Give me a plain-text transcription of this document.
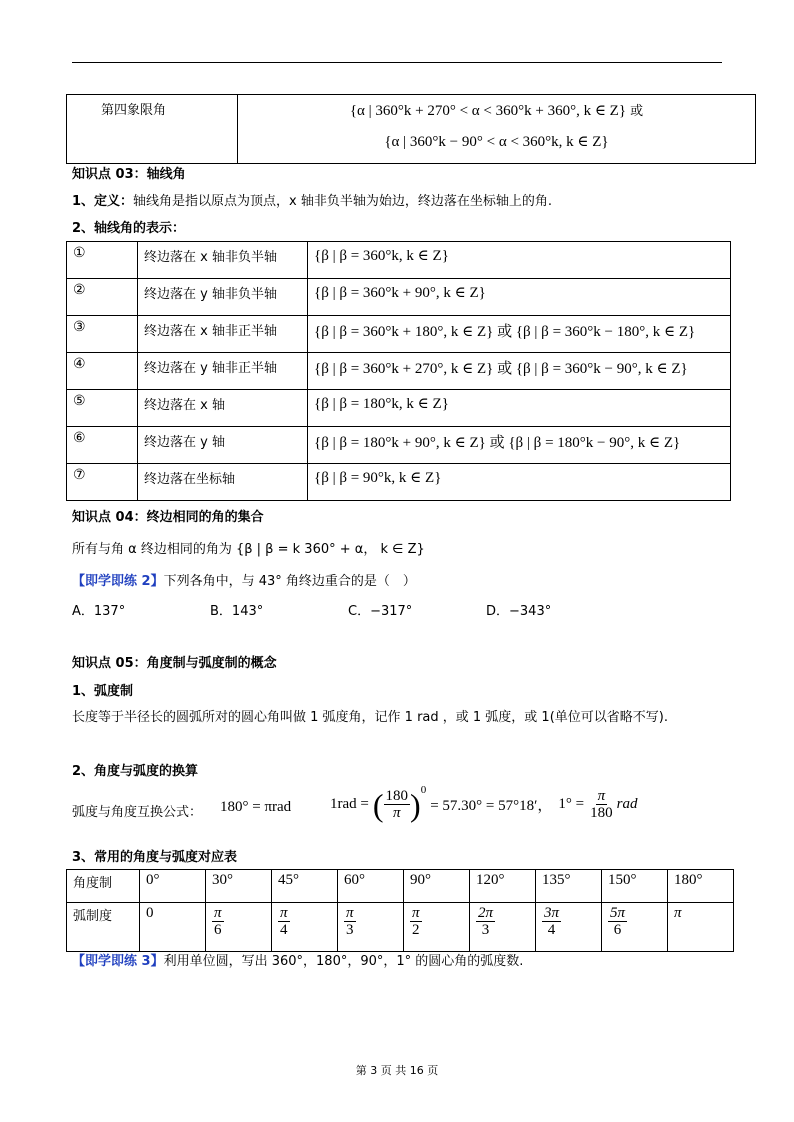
第四象限角	{α | 360°k + 270° < α < 360°k + 360°, k ∈ Z} 或
{α | 360°k − 90° < α < 360°k, k ∈ Z}
知识点 03：轴线角
1、定义：轴线角是指以原点为顶点，x 轴非负半轴为始边，终边落在坐标轴上的角.
2、轴线角的表示：
①	终边落在 x 轴非负半轴	{β | β = 360°k, k ∈ Z}
②	终边落在 y 轴非负半轴	{β | β = 360°k + 90°, k ∈ Z}
③	终边落在 x 轴非正半轴	{β | β = 360°k + 180°, k ∈ Z} 或 {β | β = 360°k − 180°, k ∈ Z}
④	终边落在 y 轴非正半轴	{β | β = 360°k + 270°, k ∈ Z} 或 {β | β = 360°k − 90°, k ∈ Z}
⑤	终边落在 x 轴	{β | β = 180°k, k ∈ Z}
⑥	终边落在 y 轴	{β | β = 180°k + 90°, k ∈ Z} 或 {β | β = 180°k − 90°, k ∈ Z}
⑦	终边落在坐标轴	{β | β = 90°k, k ∈ Z}
知识点 04：终边相同的角的集合
所有与角 α 终边相同的角为 {β | β = k 360° + α， k ∈ Z}
【即学即练 2】下列各角中，与 43° 角终边重合的是（　）
A．137°	B．143°	C．−317°	D．−343°
知识点 05：角度制与弧度制的概念
1、弧度制
长度等于半径长的圆弧所对的圆心角叫做 1 弧度角，记作 1 rad ，或 1 弧度，或 1(单位可以省略不写).
2、角度与弧度的换算
弧度与角度互换公式： 180° = πrad	1rad = ( $\frac{180}{\pi} )^0$
= 57.30° = 57°18′， $1^\circ = \frac{\pi}{180}$ rad
3、常用的角度与弧度对应表
角度制	0°	30°	45°	60°	90°	120°	135°	150°	180°
弧制度	0	$\frac{\pi}{6}$	$\frac{\pi}{4}$	$\frac{\pi}{3}$	$\frac{\pi}{2}$	$\frac{2\pi}{3}$	$\frac{3\pi}{4}$	$\frac{5\pi}{6}$	π
【即学即练 3】利用单位圆，写出 360°，180°，90°，1° 的圆心角的弧度数.
第 3 页 共 16 页
